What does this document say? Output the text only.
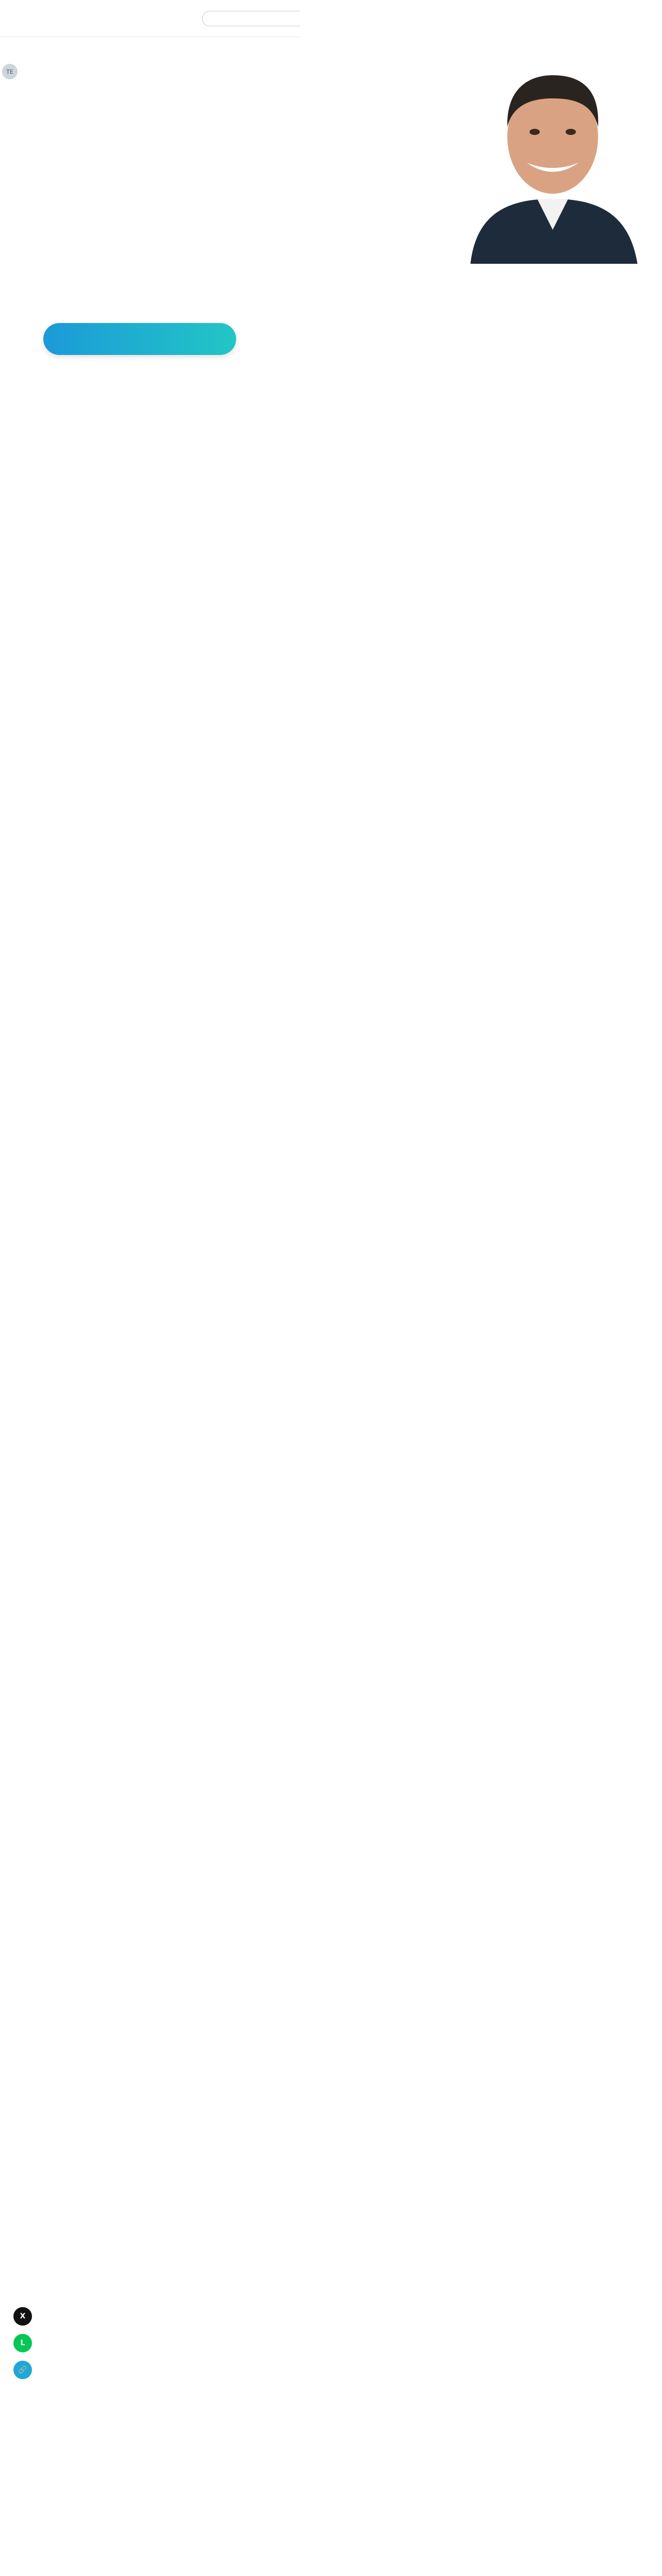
TE
X
L
🔗
